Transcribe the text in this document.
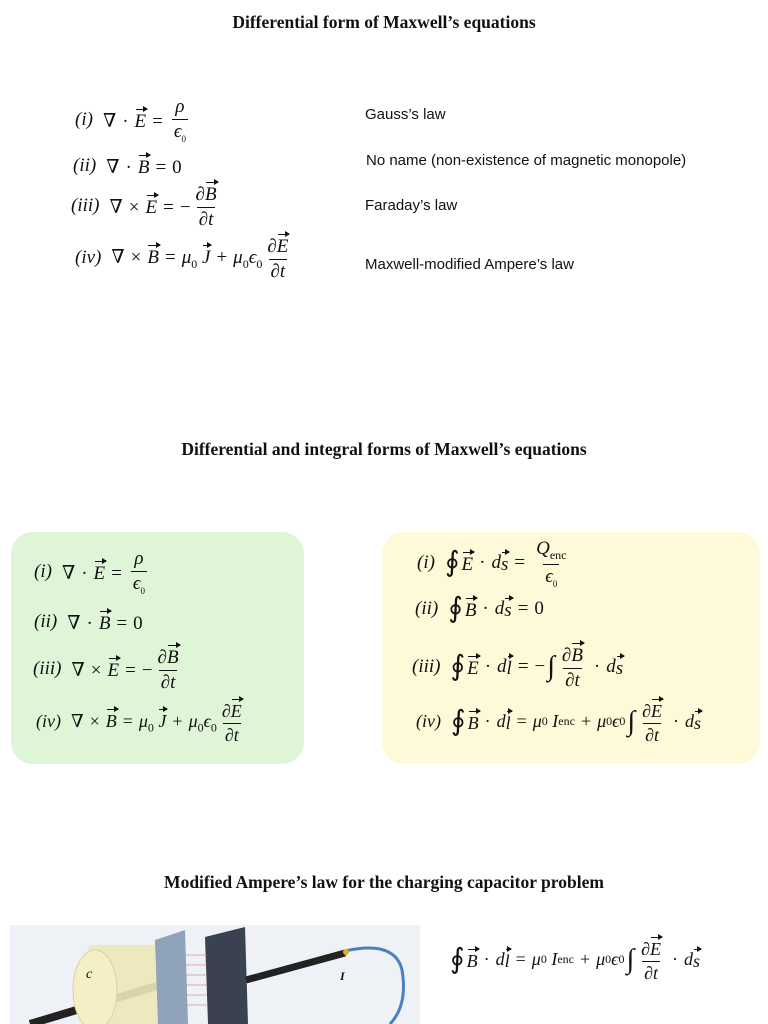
Differential form of Maxwell’s equations
(i) ∇ · $E = \frac{\rho}{\epsilon_0}$	Gauss’s law
(ii) ∇ · B = 0	No name (non-existence of magnetic monopole)
(iii) ∇ × E = − $\frac{\partial B}{\partial t}$	Faraday’s law
(iv) ∇ × $B = \mu_0$ $J + \mu_0\epsilon_0 \frac{\partial E}{\partial t}$	Maxwell-modified Ampere’s law
Differential and integral forms of Maxwell’s equations
(i) ∇ · $E = \frac{\rho}{\epsilon_0}$
(ii) ∇ · B = 0
(iii) ∇ × E = − $\frac{\partial B}{\partial t}$
(iv) ∇ × $B = \mu_0$ $J + \mu_0\epsilon_0 \frac{\partial E}{\partial t}$
(i) ∮ E · d $s = \frac{Q_{enc}}{\epsilon_0}$
(ii) ∮ B · d s = 0
(iii) ∮ E · d l = − ∫ $\frac{\partial B}{\partial t} \cdot d$ s
(iv) ∮ B · d l = μ 0
I enc + μ 0 ϵ 0 ∫ $\frac{\partial E}{\partial t} \cdot d$ s
Modified Ampere’s law for the charging capacitor problem
c	I
∮ B · d l = μ 0
I enc + μ 0 ϵ 0 ∫ $\frac{\partial E}{\partial t} \cdot d$ s
